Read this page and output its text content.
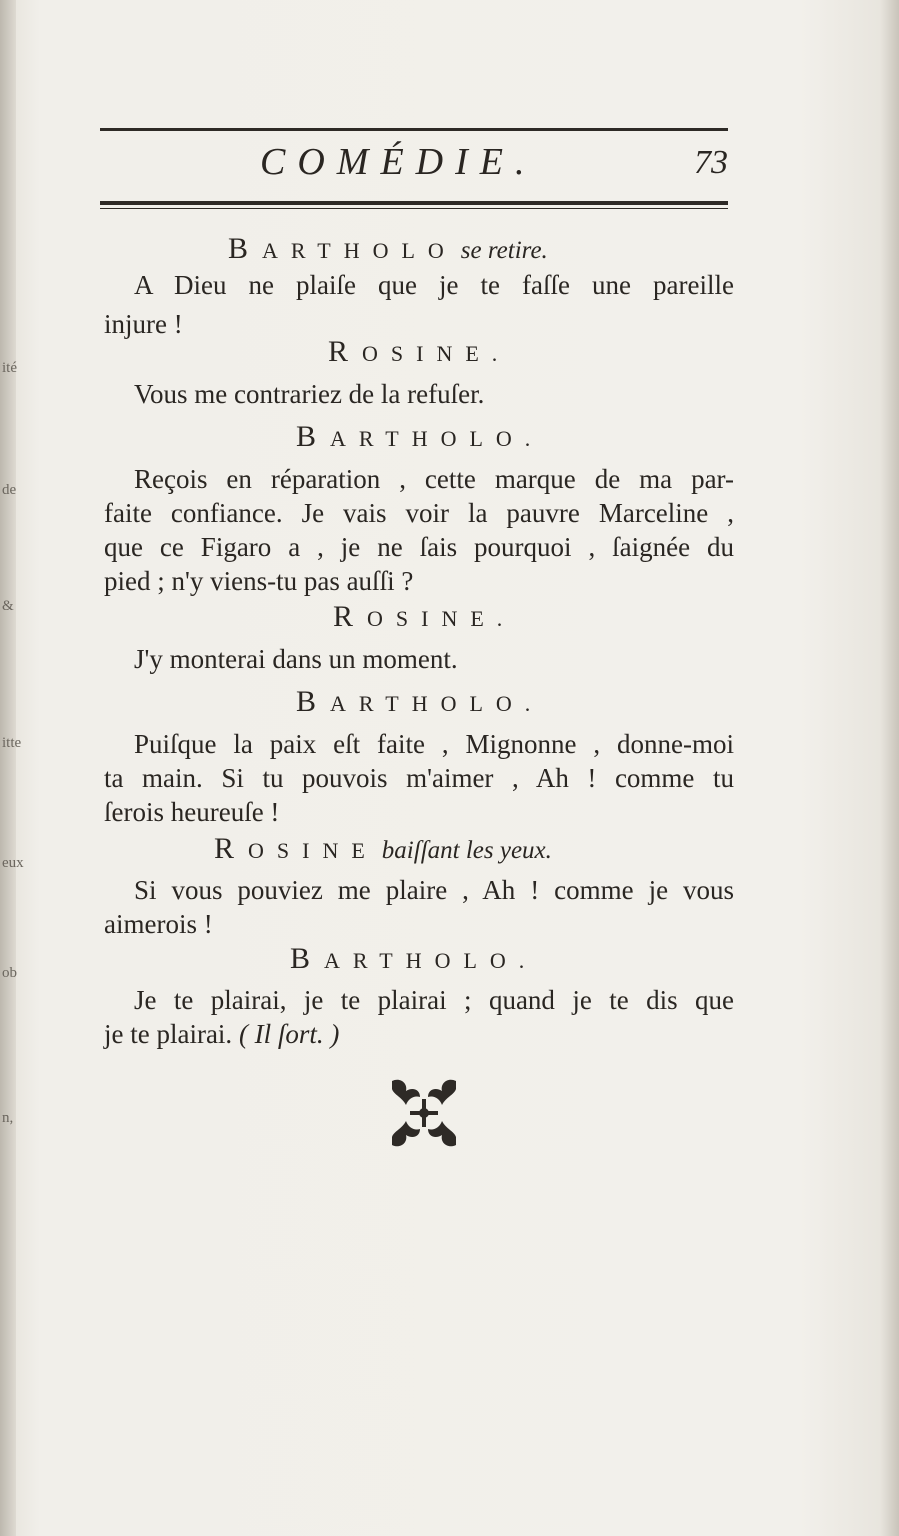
ité
de
&
itte
eux
ob
n,
COMÉDIE.	73
BARTHOLO se retire.
A Dieu ne plaiſe que je te faſſe une pareille
injure !
ROSINE.
Vous me contrariez de la refuſer.
BARTHOLO.
Reçois en réparation , cette marque de ma par-
faite confiance. Je vais voir la pauvre Marceline ,
que ce Figaro a , je ne ſais pourquoi , ſaignée du
pied ; n'y viens-tu pas auſſi ?
ROSINE.
J'y monterai dans un moment.
BARTHOLO.
Puiſque la paix eſt faite , Mignonne , donne-moi
ta main. Si tu pouvois m'aimer , Ah ! comme tu
ſerois heureuſe !
ROSINE baiſſant les yeux.
Si vous pouviez me plaire , Ah ! comme je vous
aimerois !
BARTHOLO.
Je te plairai, je te plairai ; quand je te dis que
je te plairai. ( Il ſort. )
